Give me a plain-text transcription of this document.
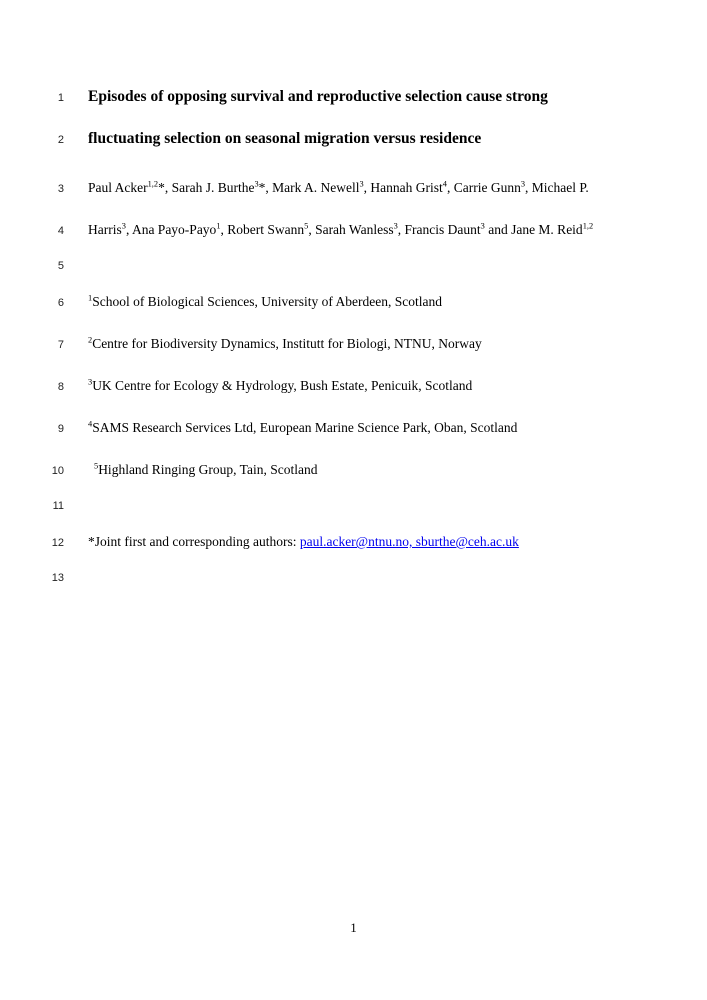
1	Episodes of opposing survival and reproductive selection cause strong
2	fluctuating selection on seasonal migration versus residence
3	Paul Acker$^{1,2}$*, Sarah J. Burthe$^3$*, Mark A. Newell$^3$, Hannah Grist$^4$, Carrie Gunn$^3$, Michael P.
4	Harris$^3$, Ana Payo-Payo$^1$, Robert Swann$^5$, Sarah Wanless$^3$, Francis Daunt$^3$ and Jane M. Reid$^{1,2}$
5
6	$^1$School of Biological Sciences, University of Aberdeen, Scotland
7	$^2$Centre for Biodiversity Dynamics, Institutt for Biologi, NTNU, Norway
8	$^3$UK Centre for Ecology & Hydrology, Bush Estate, Penicuik, Scotland
9	$^4$SAMS Research Services Ltd, European Marine Science Park, Oban, Scotland
10	$^5$Highland Ringing Group, Tain, Scotland
11
12	*Joint first and corresponding authors: paul.acker@ntnu.no, sburthe@ceh.ac.uk
13
1
